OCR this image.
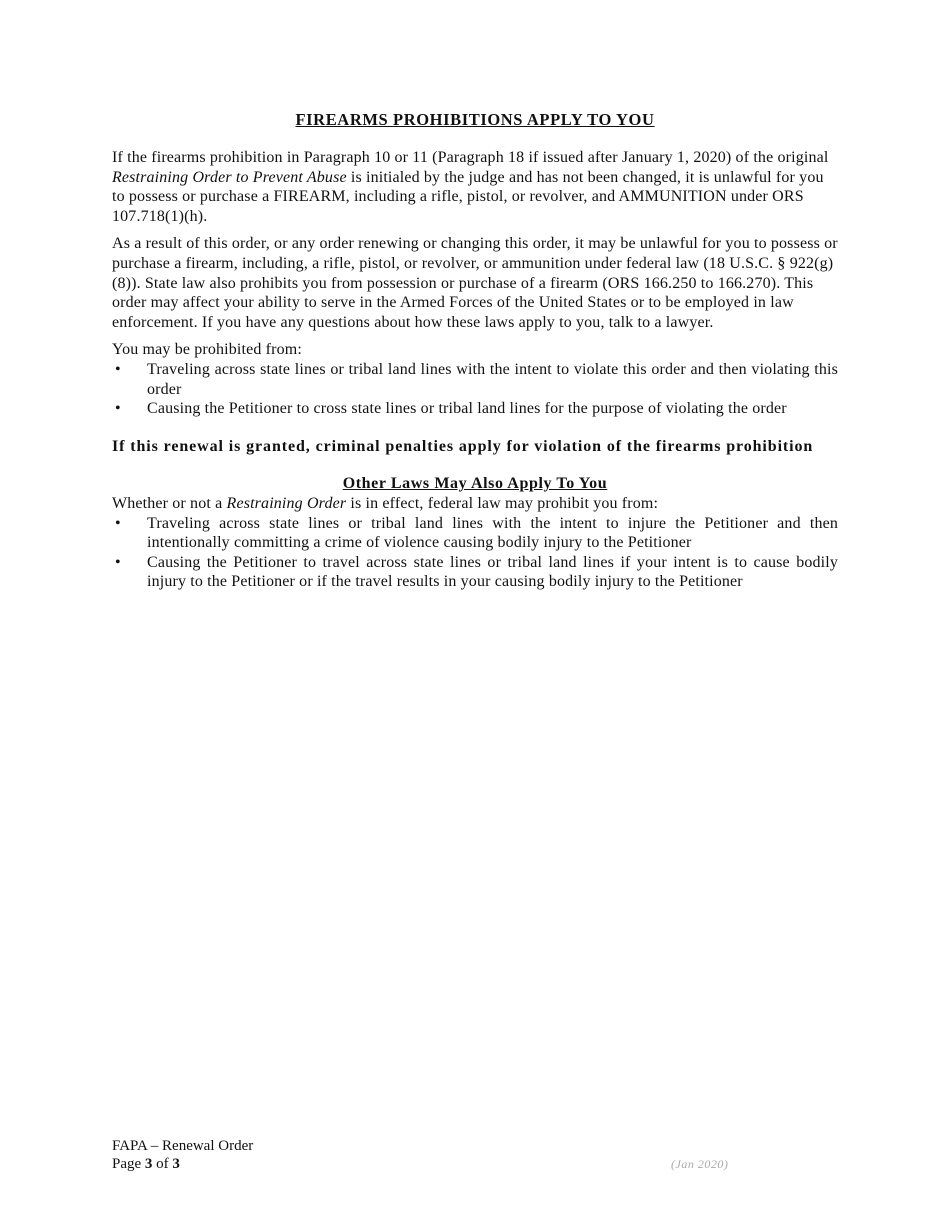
FIREARMS PROHIBITIONS APPLY TO YOU

If the firearms prohibition in Paragraph 10 or 11 (Paragraph 18 if issued after January 1, 2020) of the original Restraining Order to Prevent Abuse is initialed by the judge and has not been changed, it is unlawful for you to possess or purchase a FIREARM, including a rifle, pistol, or revolver, and AMMUNITION under ORS 107.718(1)(h).

As a result of this order, or any order renewing or changing this order, it may be unlawful for you to possess or purchase a firearm, including, a rifle, pistol, or revolver, or ammunition under federal law (18 U.S.C. § 922(g)(8)). State law also prohibits you from possession or purchase of a firearm (ORS 166.250 to 166.270). This order may affect your ability to serve in the Armed Forces of the United States or to be employed in law enforcement. If you have any questions about how these laws apply to you, talk to a lawyer.

You may be prohibited from:

• Traveling across state lines or tribal land lines with the intent to violate this order and then violating this order
• Causing the Petitioner to cross state lines or tribal land lines for the purpose of violating the order
If this renewal is granted, criminal penalties apply for violation of the firearms prohibition
Other Laws May Also Apply To You

Whether or not a Restraining Order is in effect, federal law may prohibit you from:

• Traveling across state lines or tribal land lines with the intent to injure the Petitioner and then intentionally committing a crime of violence causing bodily injury to the Petitioner
• Causing the Petitioner to travel across state lines or tribal land lines if your intent is to cause bodily injury to the Petitioner or if the travel results in your causing bodily injury to the Petitioner
FAPA – Renewal Order
Page 3 of 3	(Jan 2020)
